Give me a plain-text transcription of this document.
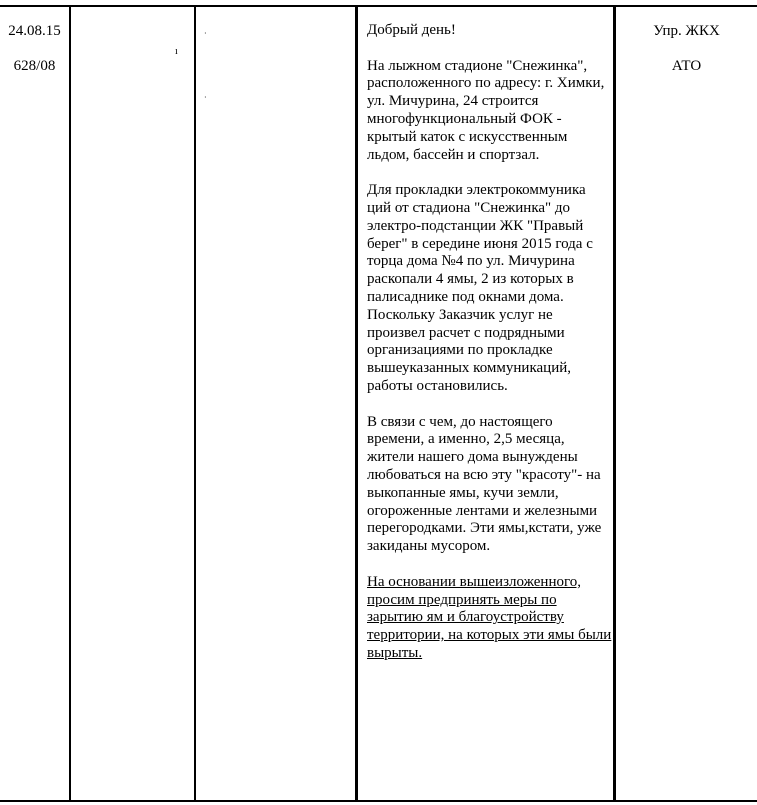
24.08.15
628/08
ı
·
·

Добрый день!

На лыжном стадионе "Снежинка", расположенного по адресу: г. Химки, ул. Мичурина, 24 строится многофункциональный ФОК - крытый каток с искусственным льдом, бассейн и спортзал.

Для прокладки электрокоммуника ций от стадиона "Снежинка" до электро-подстанции ЖК "Правый берег" в середине июня 2015 года с торца дома №4 по ул. Мичурина раскопали 4 ямы, 2 из которых в палисаднике под окнами дома. Поскольку Заказчик услуг не произвел расчет с подрядными организациями по прокладке вышеуказанных коммуникаций, работы остановились.

В связи с чем, до настоящего времени, а именно, 2,5 месяца, жители нашего дома вынуждены любоваться на всю эту "красоту"- на выкопанные ямы, кучи земли, огороженные лентами и железными перегородками. Эти ямы,кстати, уже закиданы мусором.

На основании вышеизложенного, просим предпринять меры по зарытию ям и благоустройству территории, на которых эти ямы были вырыты.

Упр. ЖКХ
АТО
